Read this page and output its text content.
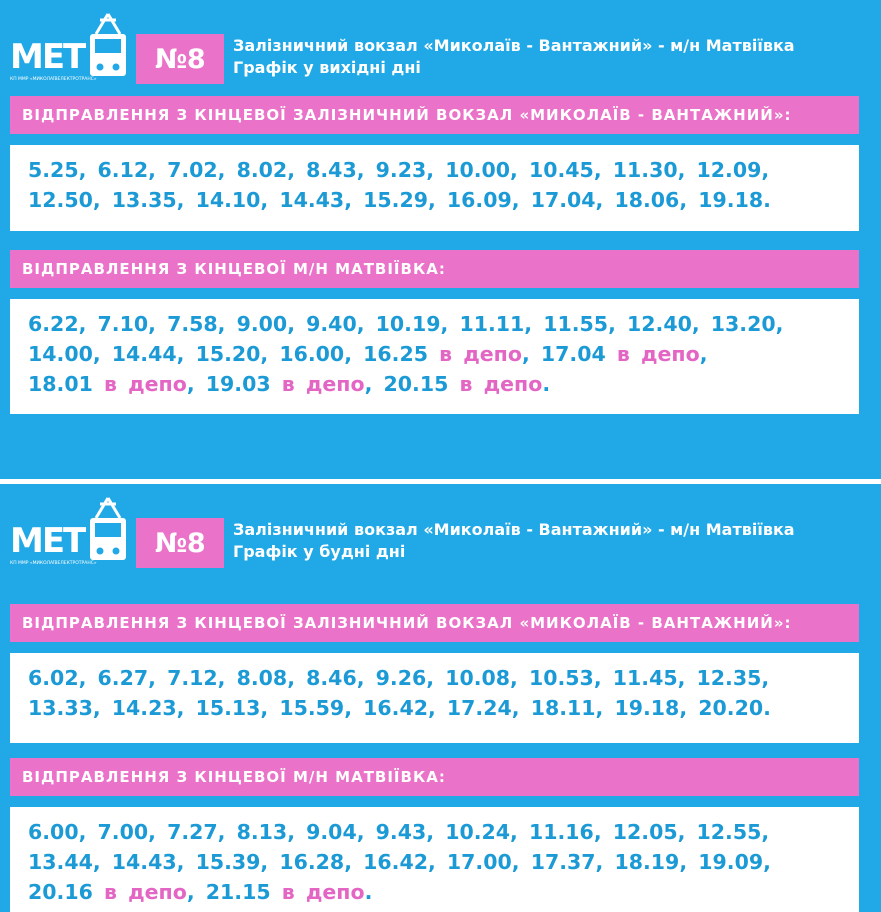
МЕТ
КП ММР «МИКОЛАЇВЕЛЕКТРОТРАНС»
№8	Залізничний вокзал «Миколаїв - Вантажний» - м/н Матвіївка
Графік у вихідні дні
ВІДПРАВЛЕННЯ З КІНЦЕВОЇ ЗАЛІЗНИЧНИЙ ВОКЗАЛ «МИКОЛАЇВ - ВАНТАЖНИЙ»:
5.25, 6.12, 7.02, 8.02, 8.43, 9.23, 10.00, 10.45, 11.30, 12.09, 12.50, 13.35, 14.10, 14.43, 15.29, 16.09, 17.04, 18.06, 19.18.
ВІДПРАВЛЕННЯ З КІНЦЕВОЇ М/Н МАТВІЇВКА:
6.22, 7.10, 7.58, 9.00, 9.40, 10.19, 11.11, 11.55, 12.40, 13.20, 14.00, 14.44, 15.20, 16.00, 16.25 в депо, 17.04 в депо, 18.01 в депо, 19.03 в депо, 20.15 в депо.
МЕТ
КП ММР «МИКОЛАЇВЕЛЕКТРОТРАНС»
№8	Залізничний вокзал «Миколаїв - Вантажний» - м/н Матвіївка
Графік у будні дні
ВІДПРАВЛЕННЯ З КІНЦЕВОЇ ЗАЛІЗНИЧНИЙ ВОКЗАЛ «МИКОЛАЇВ - ВАНТАЖНИЙ»:
6.02, 6.27, 7.12, 8.08, 8.46, 9.26, 10.08, 10.53, 11.45, 12.35, 13.33, 14.23, 15.13, 15.59, 16.42, 17.24, 18.11, 19.18, 20.20.
ВІДПРАВЛЕННЯ З КІНЦЕВОЇ М/Н МАТВІЇВКА:
6.00, 7.00, 7.27, 8.13, 9.04, 9.43, 10.24, 11.16, 12.05, 12.55, 13.44, 14.43, 15.39, 16.28, 16.42, 17.00, 17.37, 18.19, 19.09, 20.16 в депо, 21.15 в депо.
